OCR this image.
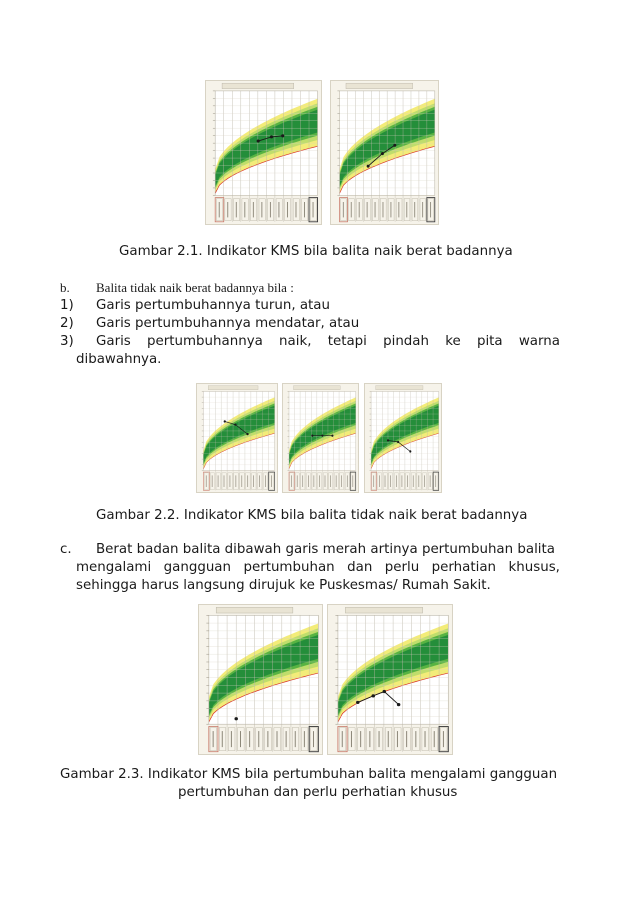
Gambar 2.1. Indikator KMS bila balita naik berat badannya
b. Balita tidak naik berat badannya bila :
1) Garis pertumbuhannya turun, atau
2) Garis pertumbuhannya mendatar, atau
3) Garis pertumbuhannya naik, tetapi pindah ke pita warna
dibawahnya.
Gambar 2.2. Indikator KMS bila balita tidak naik berat badannya
c. Berat badan balita dibawah garis merah artinya pertumbuhan balita
mengalami gangguan pertumbuhan dan perlu perhatian khusus,
sehingga harus langsung dirujuk ke Puskesmas/ Rumah Sakit.
Gambar 2.3. Indikator KMS bila pertumbuhan balita mengalami gangguan
pertumbuhan dan perlu perhatian khusus
